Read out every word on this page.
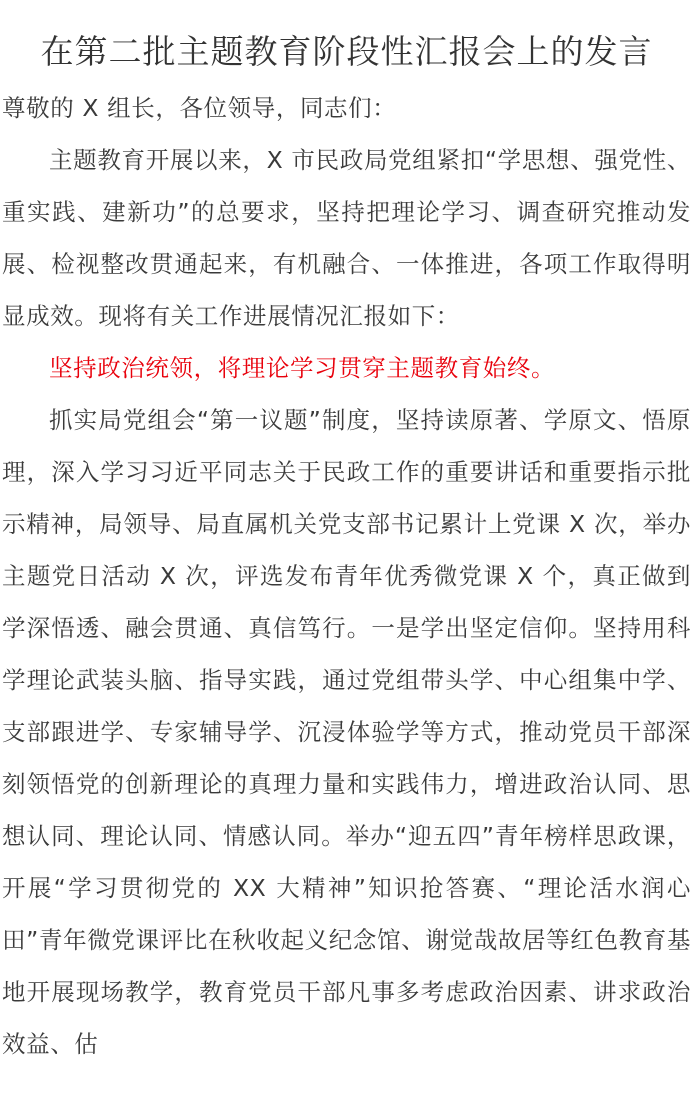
在第二批主题教育阶段性汇报会上的发言

尊敬的 X 组长，各位领导，同志们：

主题教育开展以来，X 市民政局党组紧扣“学思想、强党性、重实践、建新功”的总要求，坚持把理论学习、调查研究推动发展、检视整改贯通起来，有机融合、一体推进，各项工作取得明显成效。现将有关工作进展情况汇报如下：

坚持政治统领，将理论学习贯穿主题教育始终。

抓实局党组会“第一议题”制度，坚持读原著、学原文、悟原理，深入学习习近平同志关于民政工作的重要讲话和重要指示批示精神，局领导、局直属机关党支部书记累计上党课 X 次，举办主题党日活动 X 次，评选发布青年优秀微党课 X 个，真正做到学深悟透、融会贯通、真信笃行。一是学出坚定信仰。坚持用科学理论武装头脑、指导实践，通过党组带头学、中心组集中学、支部跟进学、专家辅导学、沉浸体验学等方式，推动党员干部深刻领悟党的创新理论的真理力量和实践伟力，增进政治认同、思想认同、理论认同、情感认同。举办“迎五四”青年榜样思政课，开展“学习贯彻党的 XX 大精神”知识抢答赛、“理论活水润心田”青年微党课评比在秋收起义纪念馆、谢觉哉故居等红色教育基地开展现场教学，教育党员干部凡事多考虑政治因素、讲求政治效益、估
